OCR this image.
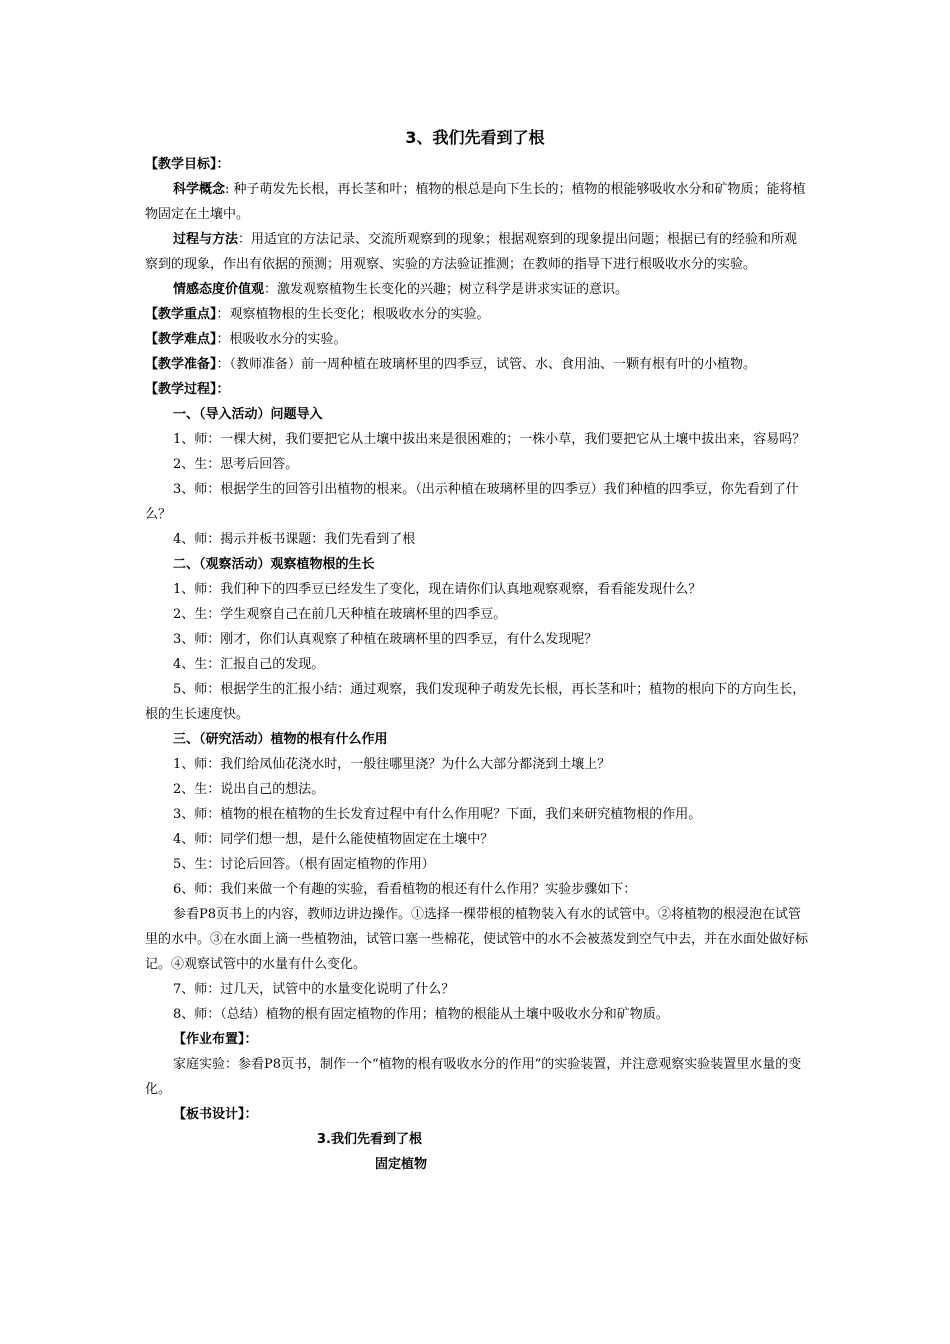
3、我们先看到了根

【教学目标】：

科学概念: 种子萌发先长根，再长茎和叶；植物的根总是向下生长的；植物的根能够吸收水分和矿物质；能将植物固定在土壤中。

过程与方法：用适宜的方法记录、交流所观察到的现象；根据观察到的现象提出问题；根据已有的经验和所观察到的现象，作出有依据的预测；用观察、实验的方法验证推测；在教师的指导下进行根吸收水分的实验。

情感态度价值观：激发观察植物生长变化的兴趣；树立科学是讲求实证的意识。

【教学重点】：观察植物根的生长变化；根吸收水分的实验。

【教学难点】：根吸收水分的实验。

【教学准备】：（教师准备）前一周种植在玻璃杯里的四季豆，试管、水、食用油、一颗有根有叶的小植物。

【教学过程】：

一、（导入活动）问题导入

1、师：一棵大树，我们要把它从土壤中拔出来是很困难的；一株小草，我们要把它从土壤中拔出来，容易吗？

2、生：思考后回答。

3、师：根据学生的回答引出植物的根来。（出示种植在玻璃杯里的四季豆）我们种植的四季豆，你先看到了什么？

4、师：揭示并板书课题：我们先看到了根

二、（观察活动）观察植物根的生长

1、师：我们种下的四季豆已经发生了变化，现在请你们认真地观察观察，看看能发现什么？

2、生：学生观察自己在前几天种植在玻璃杯里的四季豆。

3、师：刚才，你们认真观察了种植在玻璃杯里的四季豆，有什么发现呢？

4、生：汇报自己的发现。

5、师：根据学生的汇报小结：通过观察，我们发现种子萌发先长根，再长茎和叶；植物的根向下的方向生长，根的生长速度快。

三、（研究活动）植物的根有什么作用

1、师：我们给凤仙花浇水时，一般往哪里浇？为什么大部分都浇到土壤上？

2、生：说出自己的想法。

3、师：植物的根在植物的生长发育过程中有什么作用呢？下面，我们来研究植物根的作用。

4、师：同学们想一想，是什么能使植物固定在土壤中？

5、生：讨论后回答。（根有固定植物的作用）

6、师：我们来做一个有趣的实验，看看植物的根还有什么作用？实验步骤如下：

参看P8页书上的内容，教师边讲边操作。①选择一棵带根的植物装入有水的试管中。②将植物的根浸泡在试管里的水中。③在水面上滴一些植物油，试管口塞一些棉花，使试管中的水不会被蒸发到空气中去，并在水面处做好标记。④观察试管中的水量有什么变化。

7、师：过几天，试管中的水量变化说明了什么？

8、师：（总结）植物的根有固定植物的作用；植物的根能从土壤中吸收水分和矿物质。

【作业布置】：

家庭实验：参看P8页书，制作一个“植物的根有吸收水分的作用”的实验装置，并注意观察实验装置里水量的变化。

【板书设计】：

3.我们先看到了根

固定植物
